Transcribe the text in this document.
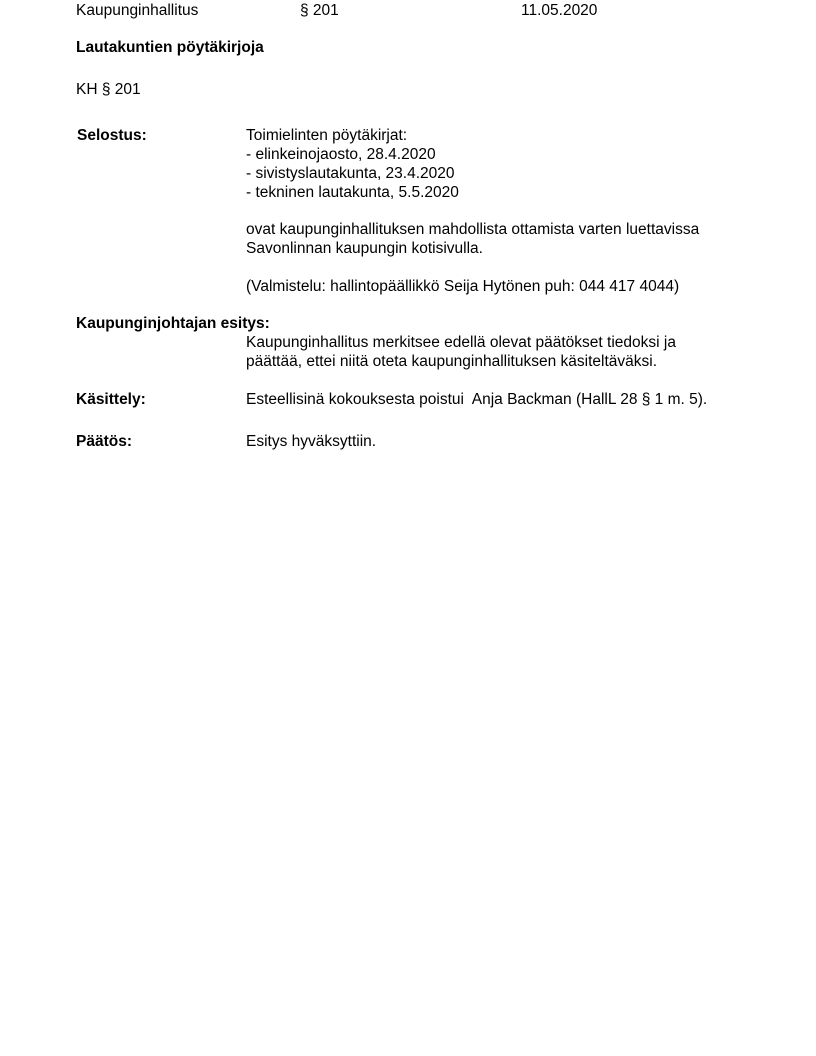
Kaupunginhallitus	§ 201	11.05.2020
Lautakuntien pöytäkirjoja
KH § 201
Selostus:	Toimielinten pöytäkirjat:
- elinkeinojaosto, 28.4.2020
- sivistyslautakunta, 23.4.2020
- tekninen lautakunta, 5.5.2020
ovat kaupunginhallituksen mahdollista ottamista varten luettavissa
Savonlinnan kaupungin kotisivulla.
(Valmistelu: hallintopäällikkö Seija Hytönen puh: 044 417 4044)
Kaupunginjohtajan esitys:
Kaupunginhallitus merkitsee edellä olevat päätökset tiedoksi ja
päättää, ettei niitä oteta kaupunginhallituksen käsiteltäväksi.
Käsittely:	Esteellisinä kokouksesta poistui  Anja Backman (HallL 28 § 1 m. 5).
Päätös:	Esitys hyväksyttiin.
